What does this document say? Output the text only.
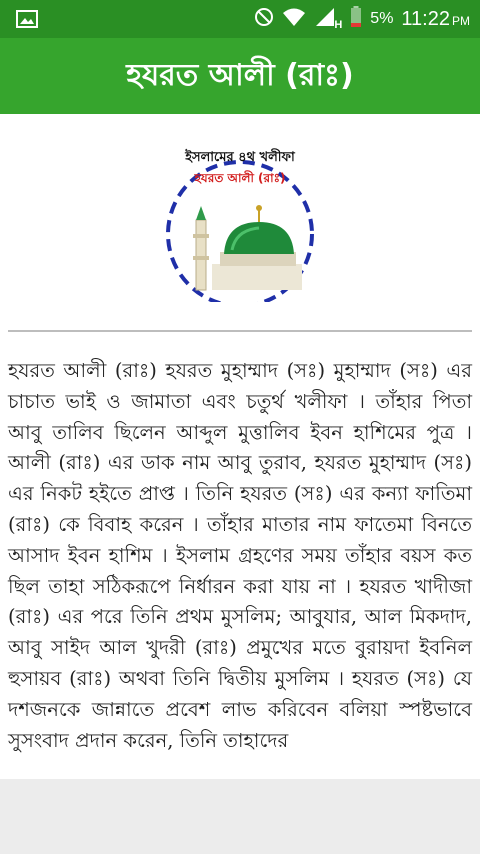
H 5% 11:22 PM
হযরত আলী (রাঃ)
ইসলামের ৪থ খলীফা
হযরত আলী (রাঃ)
হযরত আলী (রাঃ) হযরত মুহাম্মাদ (সঃ) মুহাম্মাদ (সঃ) এর চাচাত ভাই ও জামাতা এবং চতুর্থ খলীফা । তাঁহার পিতা আবু তালিব ছিলেন আব্দুল মুত্তালিব ইবন হাশিমের পুত্র । আলী (রাঃ) এর ডাক নাম আবু তুরাব, হযরত মুহাম্মাদ (সঃ) এর নিকট হইতে প্রাপ্ত । তিনি হযরত (সঃ) এর কন্যা ফাতিমা (রাঃ) কে বিবাহ করেন । তাঁহার মাতার নাম ফাতেমা বিনতে আসাদ ইবন হাশিম । ইসলাম গ্রহণের সময় তাঁহার বয়স কত ছিল তাহা সঠিকরূপে নির্ধারন করা যায় না । হযরত খাদীজা (রাঃ) এর পরে তিনি প্রথম মুসলিম; আবুযার, আল মিকদাদ, আবু সাইদ আল খুদরী (রাঃ) প্রমুখের মতে বুরায়দা ইবনিল হুসায়ব (রাঃ) অথবা তিনি দ্বিতীয় মুসলিম । হযরত (সঃ) যে দশজনকে জান্নাতে প্রবেশ লাভ করিবেন বলিয়া স্পষ্টভাবে সুসংবাদ প্রদান করেন, তিনি তাহাদের
